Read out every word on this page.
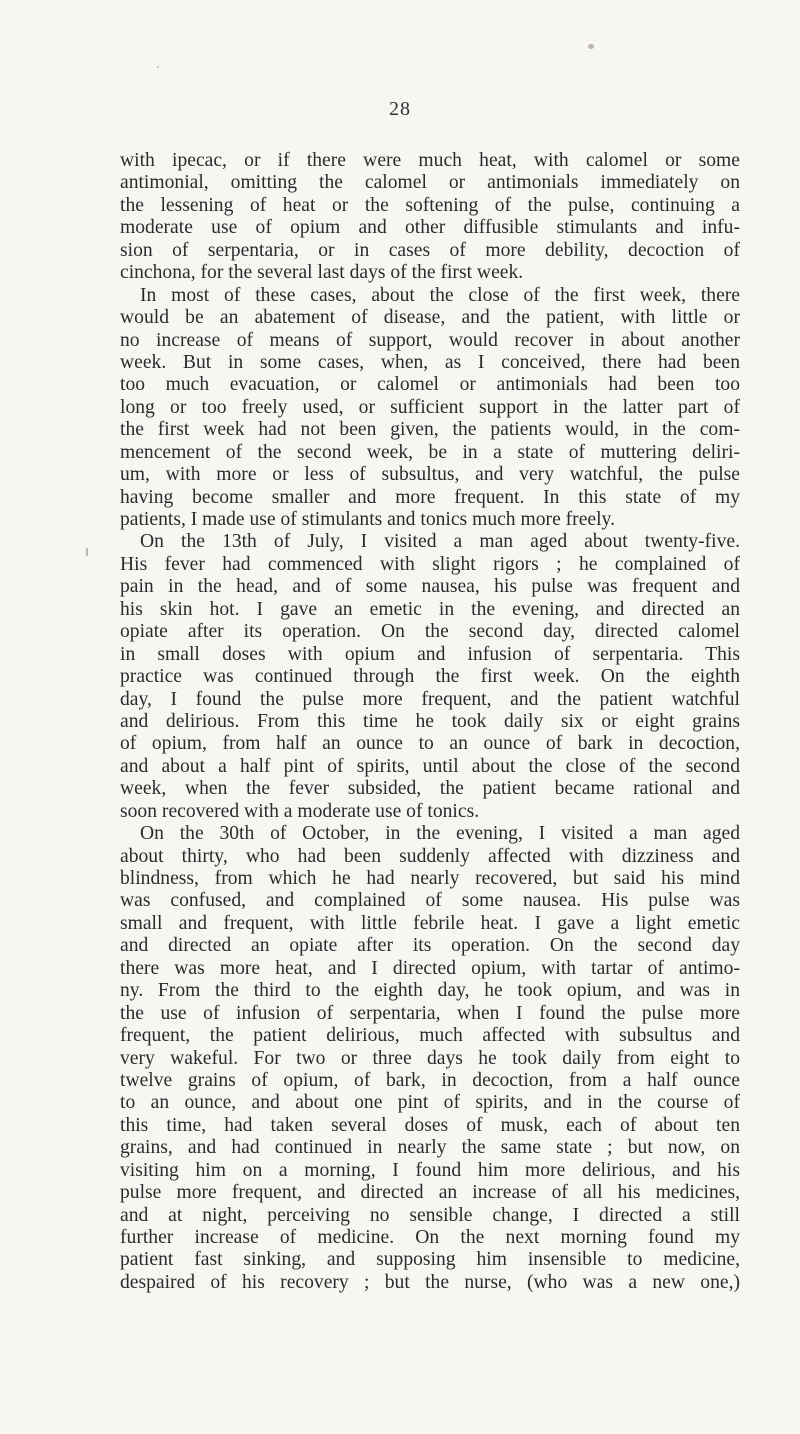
28
with ipecac, or if there were much heat, with calomel or some
antimonial, omitting the calomel or antimonials immediately on
the lessening of heat or the softening of the pulse, continuing a
moderate use of opium and other diffusible stimulants and infu-
sion of serpentaria, or in cases of more debility, decoction of
cinchona, for the several last days of the first week.
In most of these cases, about the close of the first week, there
would be an abatement of disease, and the patient, with little or
no increase of means of support, would recover in about another
week. But in some cases, when, as I conceived, there had been
too much evacuation, or calomel or antimonials had been too
long or too freely used, or sufficient support in the latter part of
the first week had not been given, the patients would, in the com-
mencement of the second week, be in a state of muttering deliri-
um, with more or less of subsultus, and very watchful, the pulse
having become smaller and more frequent. In this state of my
patients, I made use of stimulants and tonics much more freely.
On the 13th of July, I visited a man aged about twenty-five.
His fever had commenced with slight rigors ; he complained of
pain in the head, and of some nausea, his pulse was frequent and
his skin hot. I gave an emetic in the evening, and directed an
opiate after its operation. On the second day, directed calomel
in small doses with opium and infusion of serpentaria. This
practice was continued through the first week. On the eighth
day, I found the pulse more frequent, and the patient watchful
and delirious. From this time he took daily six or eight grains
of opium, from half an ounce to an ounce of bark in decoction,
and about a half pint of spirits, until about the close of the second
week, when the fever subsided, the patient became rational and
soon recovered with a moderate use of tonics.
On the 30th of October, in the evening, I visited a man aged
about thirty, who had been suddenly affected with dizziness and
blindness, from which he had nearly recovered, but said his mind
was confused, and complained of some nausea. His pulse was
small and frequent, with little febrile heat. I gave a light emetic
and directed an opiate after its operation. On the second day
there was more heat, and I directed opium, with tartar of antimo-
ny. From the third to the eighth day, he took opium, and was in
the use of infusion of serpentaria, when I found the pulse more
frequent, the patient delirious, much affected with subsultus and
very wakeful. For two or three days he took daily from eight to
twelve grains of opium, of bark, in decoction, from a half ounce
to an ounce, and about one pint of spirits, and in the course of
this time, had taken several doses of musk, each of about ten
grains, and had continued in nearly the same state ; but now, on
visiting him on a morning, I found him more delirious, and his
pulse more frequent, and directed an increase of all his medicines,
and at night, perceiving no sensible change, I directed a still
further increase of medicine. On the next morning found my
patient fast sinking, and supposing him insensible to medicine,
despaired of his recovery ; but the nurse, (who was a new one,)
